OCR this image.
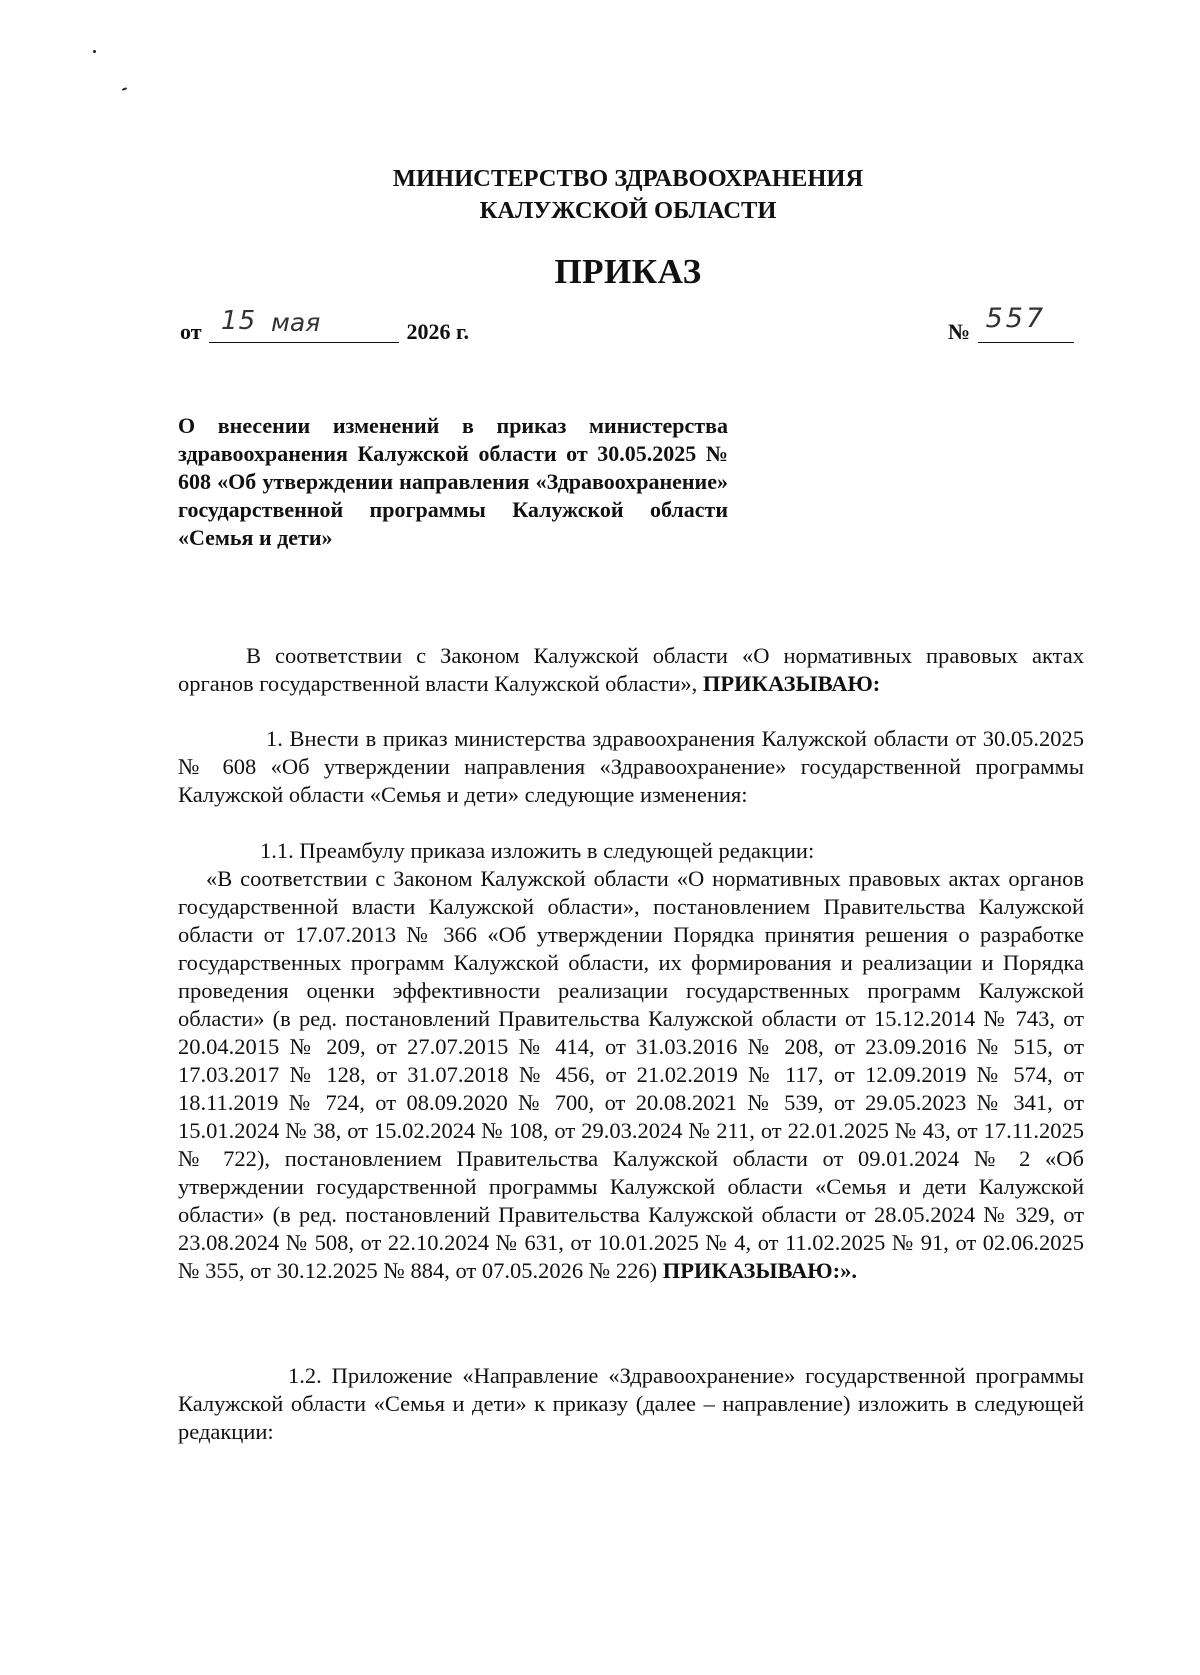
МИНИСТЕРСТВО ЗДРАВООХРАНЕНИЯ
КАЛУЖСКОЙ ОБЛАСТИ
ПРИКАЗ
от 15 мая	2026 г.	№ 557
О внесении изменений в приказ министерства здравоохранения Калужской области от 30.05.2025 № 608 «Об утверждении направления «Здравоохранение» государственной программы Калужской области «Семья и дети»
В соответствии с Законом Калужской области «О нормативных правовых актах органов государственной власти Калужской области», ПРИКАЗЫВАЮ:
1. Внести в приказ министерства здравоохранения Калужской области от 30.05.2025 № 608 «Об утверждении направления «Здравоохранение» государственной программы Калужской области «Семья и дети» следующие изменения:
1.1. Преамбулу приказа изложить в следующей редакции:
«В соответствии с Законом Калужской области «О нормативных правовых актах органов государственной власти Калужской области», постановлением Правительства Калужской области от 17.07.2013 № 366 «Об утверждении Порядка принятия решения о разработке государственных программ Калужской области, их формирования и реализации и Порядка проведения оценки эффективности реализации государственных программ Калужской области» (в ред. постановлений Правительства Калужской области от 15.12.2014 № 743, от 20.04.2015 № 209, от 27.07.2015 № 414, от 31.03.2016 № 208, от 23.09.2016 № 515, от 17.03.2017 № 128, от 31.07.2018 № 456, от 21.02.2019 № 117, от 12.09.2019 № 574, от 18.11.2019 № 724, от 08.09.2020 № 700, от 20.08.2021 № 539, от 29.05.2023 № 341, от 15.01.2024 № 38, от 15.02.2024 № 108, от 29.03.2024 № 211, от 22.01.2025 № 43, от 17.11.2025 № 722), постановлением Правительства Калужской области от 09.01.2024 № 2 «Об утверждении государственной программы Калужской области «Семья и дети Калужской области» (в ред. постановлений Правительства Калужской области от 28.05.2024 № 329, от 23.08.2024 № 508, от 22.10.2024 № 631, от 10.01.2025 № 4, от 11.02.2025 № 91, от 02.06.2025 № 355, от 30.12.2025 № 884, от 07.05.2026 № 226) ПРИКАЗЫВАЮ:».
1.2. Приложение «Направление «Здравоохранение» государственной программы Калужской области «Семья и дети» к приказу (далее – направление) изложить в следующей редакции:
